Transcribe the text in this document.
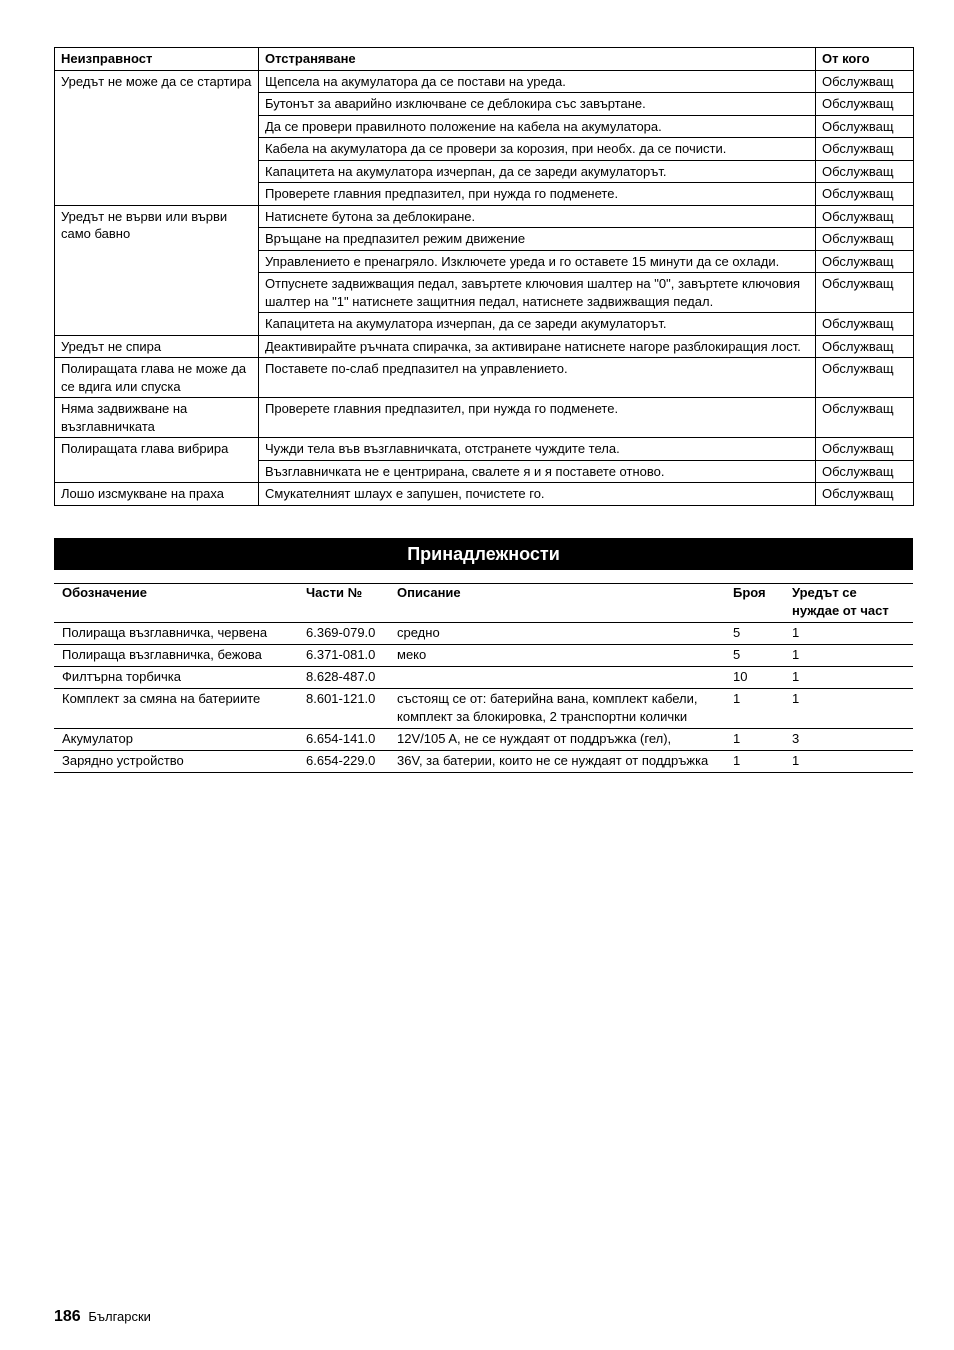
Неизправност	Отстраняване	От кого
Уредът не може да се стартира	Щепсела на акумулатора да се постави на уреда.	Обслужващ
	Бутонът за аварийно изключване се деблокира със завъртане.	Обслужващ
	Да се провери правилното положение на кабела на акумулатора.	Обслужващ
	Кабела на акумулатора да се провери за корозия, при необх. да се почисти.	Обслужващ
	Капацитета на акумулатора изчерпан, да се зареди акумулаторът.	Обслужващ
	Проверете главния предпазител, при нужда го подменете.	Обслужващ
Уредът не върви или върви само бавно	Натиснете бутона за деблокиране.	Обслужващ
	Връщане на предпазител режим движение	Обслужващ
	Управлението е пренагряло. Изключете уреда и го оставете 15 минути да се охлади.	Обслужващ
	Отпуснете задвижващия педал, завъртете ключовия шалтер на "0", завъртете ключовия шалтер на "1" натиснете защитния педал, натиснете задвижващия педал.	Обслужващ
	Капацитета на акумулатора изчерпан, да се зареди акумулаторът.	Обслужващ
Уредът не спира	Деактивирайте ръчната спирачка, за активиране натиснете нагоре разблокиращия лост.	Обслужващ
Полиращата глава не може да се вдига или спуска	Поставете по-слаб предпазител на управлението.	Обслужващ
Няма задвижване на възглавничката	Проверете главния предпазител, при нужда го подменете.	Обслужващ
Полиращата глава вибрира	Чужди тела във възглавничката, отстранете чуждите тела.	Обслужващ
	Възглавничката не е центрирана, свалете я и я поставете отново.	Обслужващ
Лошо изсмукване на праха	Смукателният шлаух е запушен, почистете го.	Обслужващ
Принадлежности
Обозначение	Части №	Описание	Броя	Уредът се нуждае от част
Полираща възглавничка, червена	6.369-079.0	средно	5	1
Полираща възглавничка, бежова	6.371-081.0	меко	5	1
Филтърна торбичка	8.628-487.0		10	1
Комплект за смяна на батериите	8.601-121.0	състоящ се от: батерийна вана, комплект кабели, комплект за блокировка, 2 транспортни колички	1	1
Акумулатор	6.654-141.0	12V/105 A, не се нуждаят от поддръжка (гел),	1	3
Зарядно устройство	6.654-229.0	36V, за батерии, които не се нуждаят от поддръжка	1	1
186 Български
